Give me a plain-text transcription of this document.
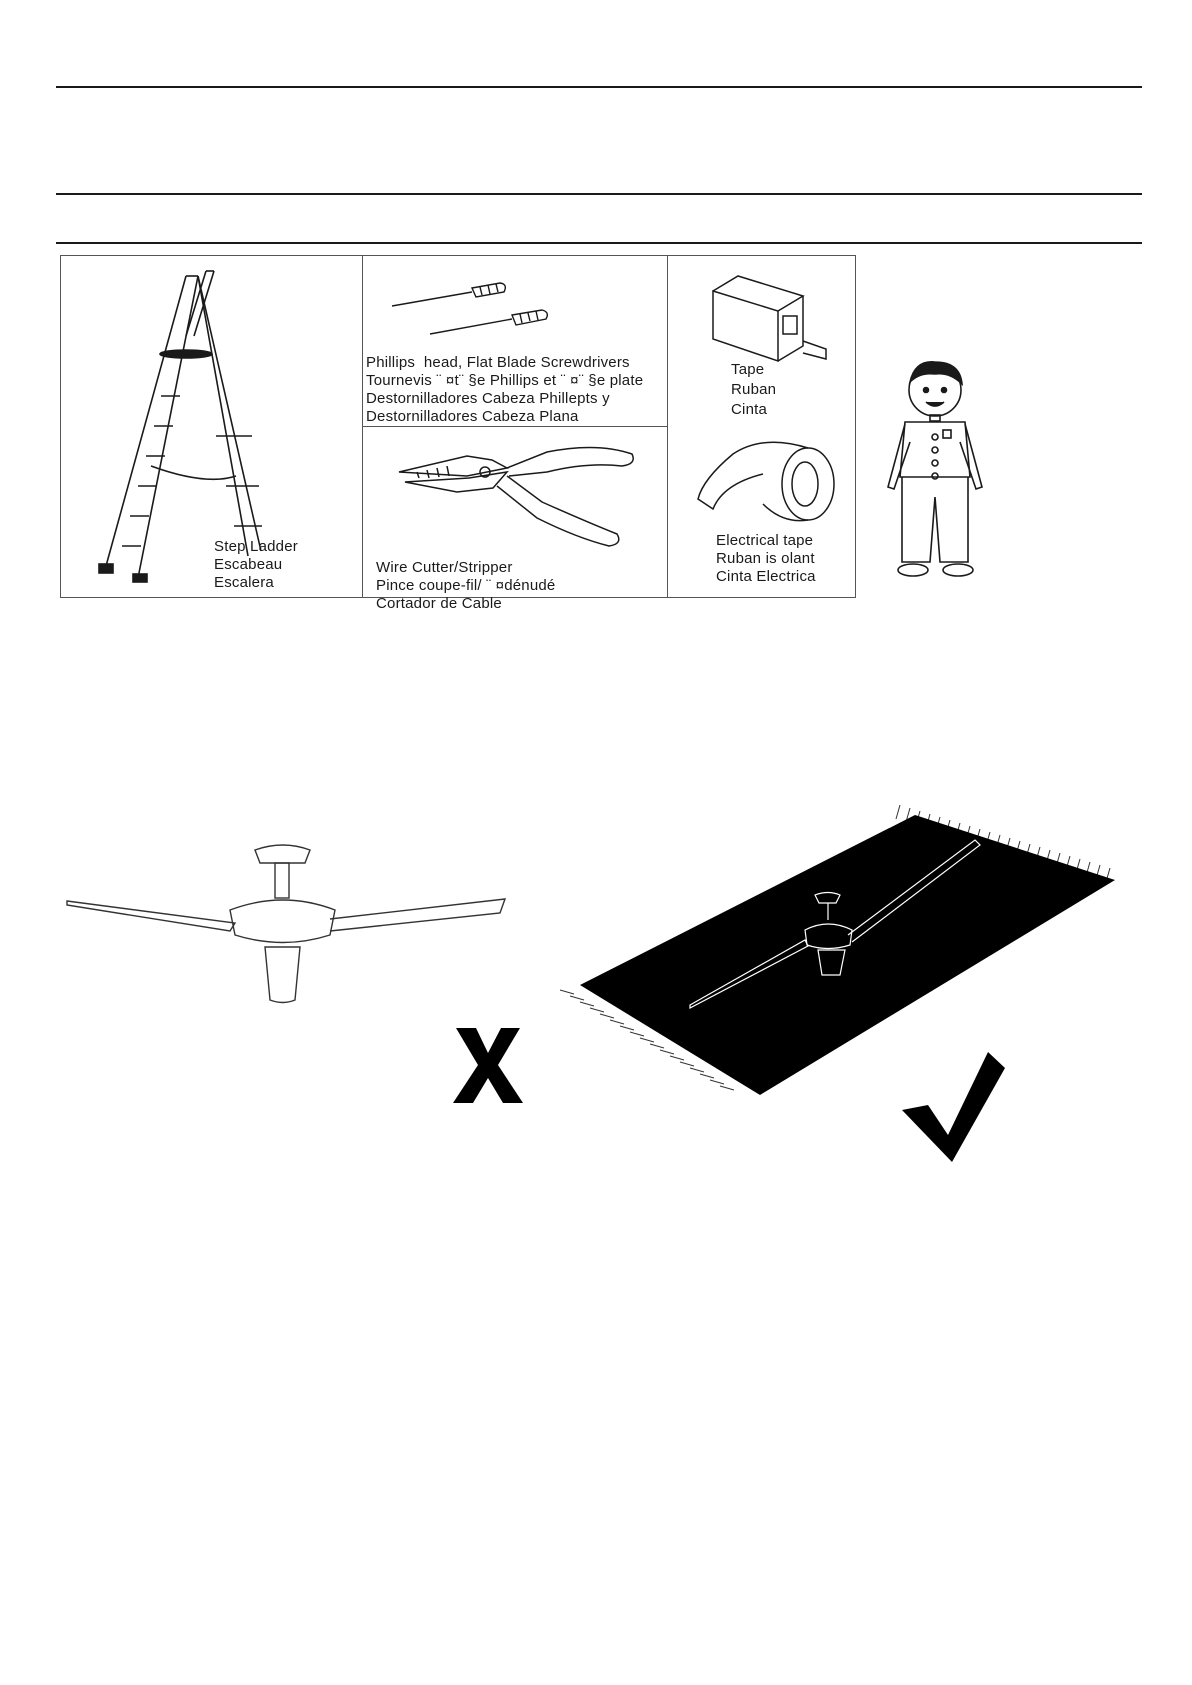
Step Ladder
Escabeau
Escalera
Phillips  head, Flat Blade Screwdrivers
Tournevis ¨ ¤t¨ §e Phillips et ¨ ¤¨ §e plate
Destornilladores Cabeza Phillepts y
Destornilladores Cabeza Plana
Wire Cutter/Stripper
Pince coupe-fil/ ¨ ¤dénudé
Cortador de Cable
Tape
Ruban
Cinta
Electrical tape
Ruban is olant
Cinta Electrica
